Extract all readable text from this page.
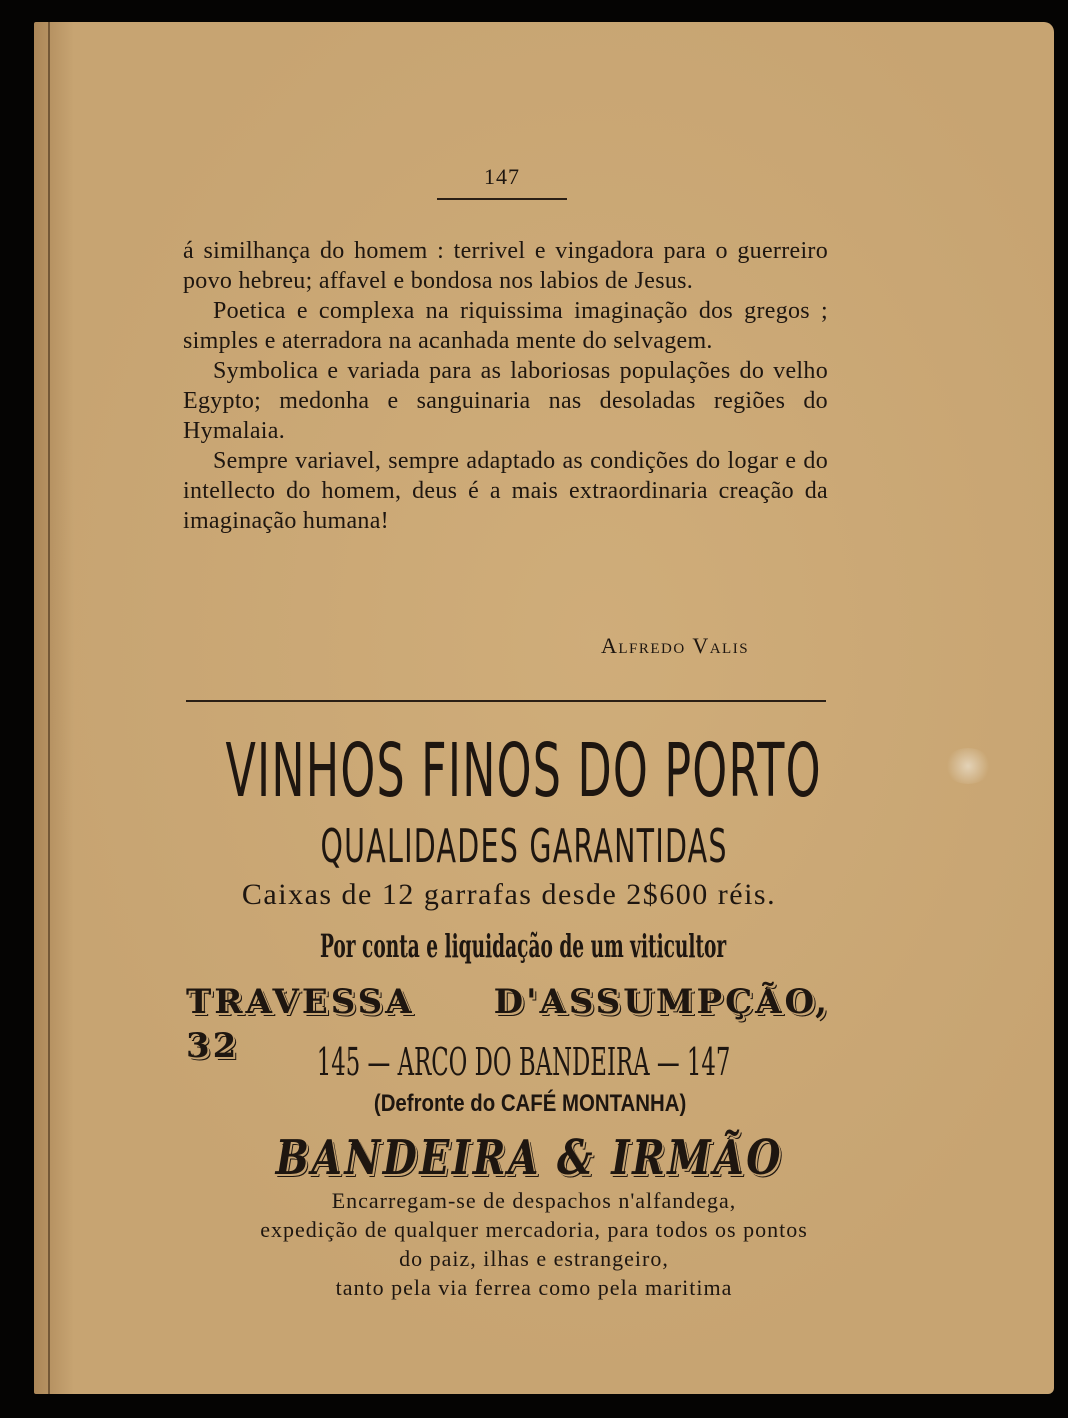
147

á similhança do homem : terrivel e vingadora para o guerreiro povo hebreu; affavel e bondosa nos labios de Jesus.

Poetica e complexa na riquissima imaginação dos gregos ; simples e aterradora na acanhada mente do selvagem.

Symbolica e variada para as laboriosas populações do velho Egypto; medonha e sanguinaria nas desoladas regiões do Hymalaia.

Sempre variavel, sempre adaptado as condições do logar e do intellecto do homem, deus é a mais extraordinaria creação da imaginação humana!

Alfredo Valis
VINHOS FINOS DO PORTO
QUALIDADES GARANTIDAS
Caixas de 12 garrafas desde 2$600 réis.
Por conta e liquidação de um viticultor
TRAVESSA D'ASSUMPÇÃO, 32	145 — ARCO DO BANDEIRA — 147
(Defronte do CAFÉ MONTANHA)
BANDEIRA & IRMÃO
Encarregam-se de despachos n'alfandega,
expedição de qualquer mercadoria, para todos os pontos
do paiz, ilhas e estrangeiro,
tanto pela via ferrea como pela maritima
